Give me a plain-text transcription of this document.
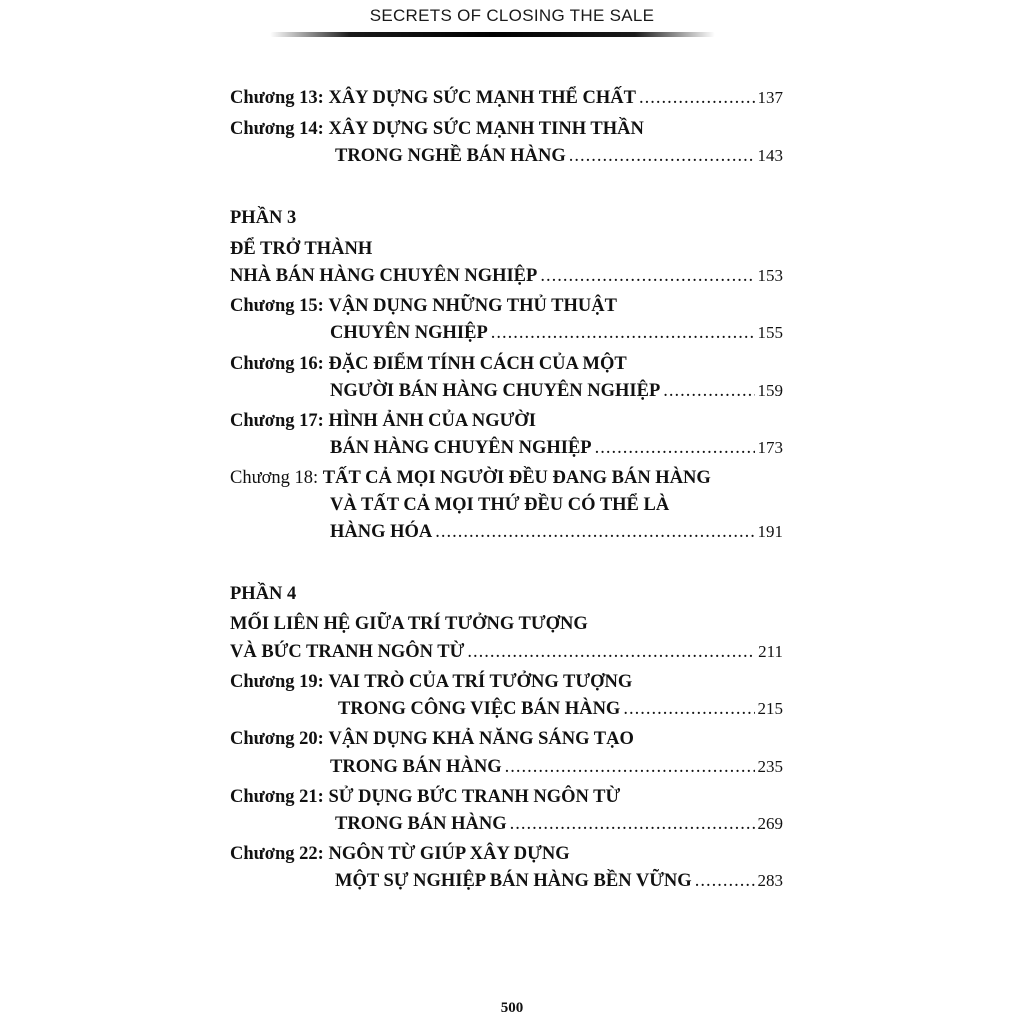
SECRETS OF CLOSING THE SALE
Chương 13:
XÂY DỰNG SỨC MẠNH THỂ CHẤT .....	137
Chương 14:
XÂY DỰNG SỨC MẠNH TINH THẦN
TRONG NGHỀ BÁN HÀNG .....	143
PHẦN 3
ĐỂ TRỞ THÀNH
NHÀ BÁN HÀNG CHUYÊN NGHIỆP .....	153
Chương 15:
VẬN DỤNG NHỮNG THỦ THUẬT
CHUYÊN NGHIỆP .....	155
Chương 16:
ĐẶC ĐIỂM TÍNH CÁCH CỦA MỘT
NGƯỜI BÁN HÀNG CHUYÊN NGHIỆP .....	159
Chương 17:
HÌNH ẢNH CỦA NGƯỜI
BÁN HÀNG CHUYÊN NGHIỆP .....	173
Chương 18:
TẤT CẢ MỌI NGƯỜI ĐỀU ĐANG BÁN HÀNG
VÀ TẤT CẢ MỌI THỨ ĐỀU CÓ THỂ LÀ
HÀNG HÓA .....	191
PHẦN 4
MỐI LIÊN HỆ GIỮA TRÍ TƯỞNG TƯỢNG
VÀ BỨC TRANH NGÔN TỪ .....	211
Chương 19:
VAI TRÒ CỦA TRÍ TƯỞNG TƯỢNG
TRONG CÔNG VIỆC BÁN HÀNG .....	215
Chương 20:
VẬN DỤNG KHẢ NĂNG SÁNG TẠO
TRONG BÁN HÀNG .....	235
Chương 21:
SỬ DỤNG BỨC TRANH NGÔN TỪ
TRONG BÁN HÀNG .....	269
Chương 22:
NGÔN TỪ GIÚP XÂY DỰNG
MỘT SỰ NGHIỆP BÁN HÀNG BỀN VỮNG .....	283
500
